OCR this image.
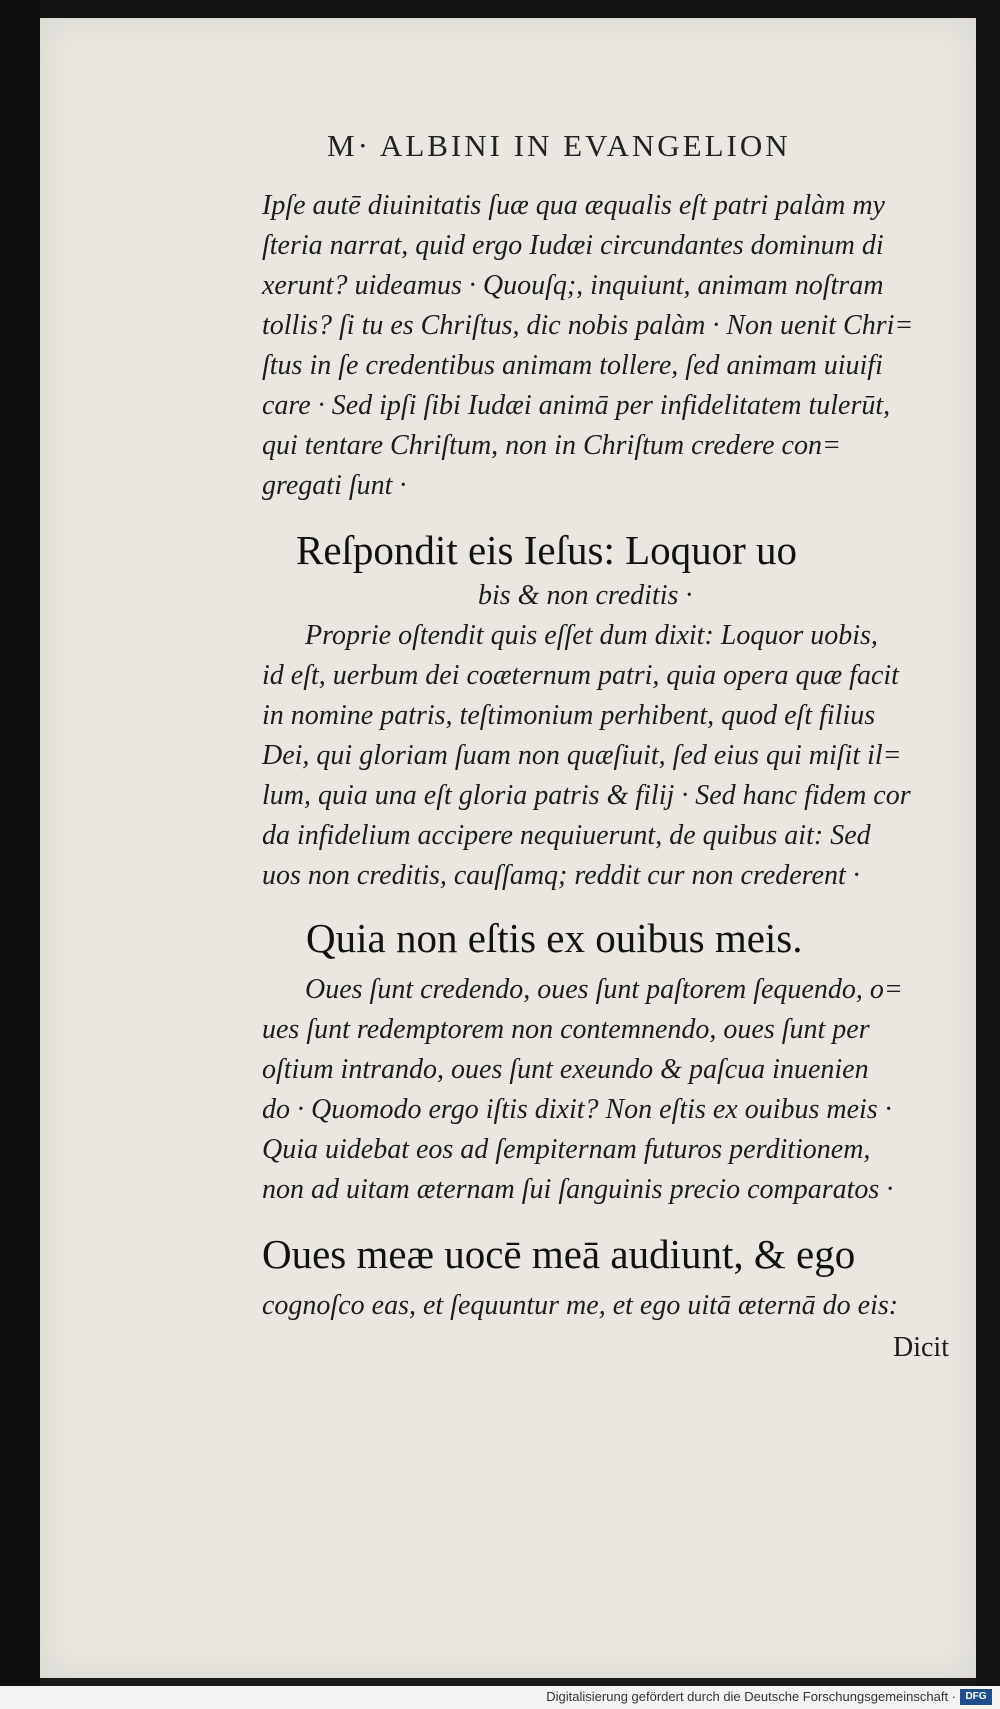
M· ALBINI IN EVANGELION
Ipſe autē diuinitatis ſuæ qua æqualis eſt patri palàm my
ſteria narrat, quid ergo Iudæi circundantes dominum di
xerunt? uideamus · Quouſq;, inquiunt, animam noſtram
tollis? ſi tu es Chriſtus, dic nobis palàm · Non uenit Chri=
ſtus in ſe credentibus animam tollere, ſed animam uiuifi
care · Sed ipſi ſibi Iudæi animā per infidelitatem tulerūt,
qui tentare Chriſtum, non in Chriſtum credere con=
gregati ſunt ·
Reſpondit eis Ieſus: Loquor uo
bis & non creditis ·
Proprie oſtendit quis eſſet dum dixit: Loquor uobis,
id eſt, uerbum dei coæternum patri, quia opera quæ facit
in nomine patris, teſtimonium perhibent, quod eſt filius
Dei, qui gloriam ſuam non quæſiuit, ſed eius qui miſit il=
lum, quia una eſt gloria patris & filij · Sed hanc fidem cor
da infidelium accipere nequiuerunt, de quibus ait: Sed
uos non creditis, cauſſamq; reddit cur non crederent ·
Quia non eſtis ex ouibus meis.
Oues ſunt credendo, oues ſunt paſtorem ſequendo, o=
ues ſunt redemptorem non contemnendo, oues ſunt per
oſtium intrando, oues ſunt exeundo & paſcua inuenien
do · Quomodo ergo iſtis dixit? Non eſtis ex ouibus meis ·
Quia uidebat eos ad ſempiternam futuros perditionem,
non ad uitam æternam ſui ſanguinis precio comparatos ·
Oues meæ uocē meā audiunt, & ego
cognoſco eas, et ſequuntur me, et ego uitā æternā do eis:
Dicit
Digitalisierung gefördert durch die Deutsche Forschungsgemeinschaft · DFG
